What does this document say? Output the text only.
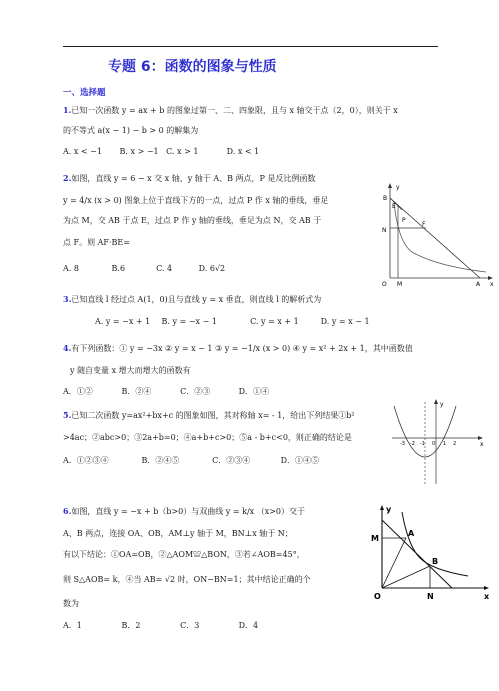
专题 6：函数的图象与性质
一、选择题
1.已知一次函数 y = ax + b 的图象过第一、二、四象限，且与 x 轴交于点（2，0），则关于 x
的不等式 a(x − 1) − b > 0 的解集为
A. x < −1 B. x > −1 C. x > 1	D. x < 1
2.如图，直线 y = 6 − x 交 x 轴、y 轴于 A、B 两点，P 是反比例函数
y = 4/x (x > 0) 图象上位于直线下方的一点，过点 P 作 x 轴的垂线，垂足
为点 M，交 AB 于点 E，过点 P 作 y 轴的垂线，垂足为点 N，交 AB 于
点 F。则 AF·BE=
A. 8	B.6	C. 4	D. 6√2
y
x
B
E
P
F
N
O M	A
3.已知直线 l 经过点 A(1，0)且与直线 y = x 垂直，则直线 l 的解析式为
A. y = −x + 1 B. y = −x − 1	C. y = x + 1	D. y = x − 1
4.有下列函数：① y = −3x ② y = x − 1 ③ y = −1/x (x > 0) ④ y = x² + 2x + 1，其中函数值
y 随自变量 x 增大而增大的函数有
A．①②	B．②④	C．②③	D．①④
5.已知二次函数 y=ax²+bx+c 的图象如图，其对称轴 x= - 1，给出下列结果①b²
>4ac；②abc>0；③2a+b=0；④a+b+c>0；⑤a - b+c<0，则正确的结论是
A．①②③④	B．②④⑤	C．②③④	D．①④⑤
y
-3 -2 -1 0 1 2	x
6.如图，直线 y = −x + b（b>0）与双曲线 y = k/x （x>0）交于
A、B 两点，连接 OA、OB，AM⊥y 轴于 M，BN⊥x 轴于 N；
有以下结论：①OA=OB，②△AOM≌△BON，③若∠AOB=45°，
则 S△AOB= k，④当 AB= √2 时，ON−BN=1；其中结论正确的个
数为
A．1	B．2	C．3	D．4
y
x
M
A
B
O	N
